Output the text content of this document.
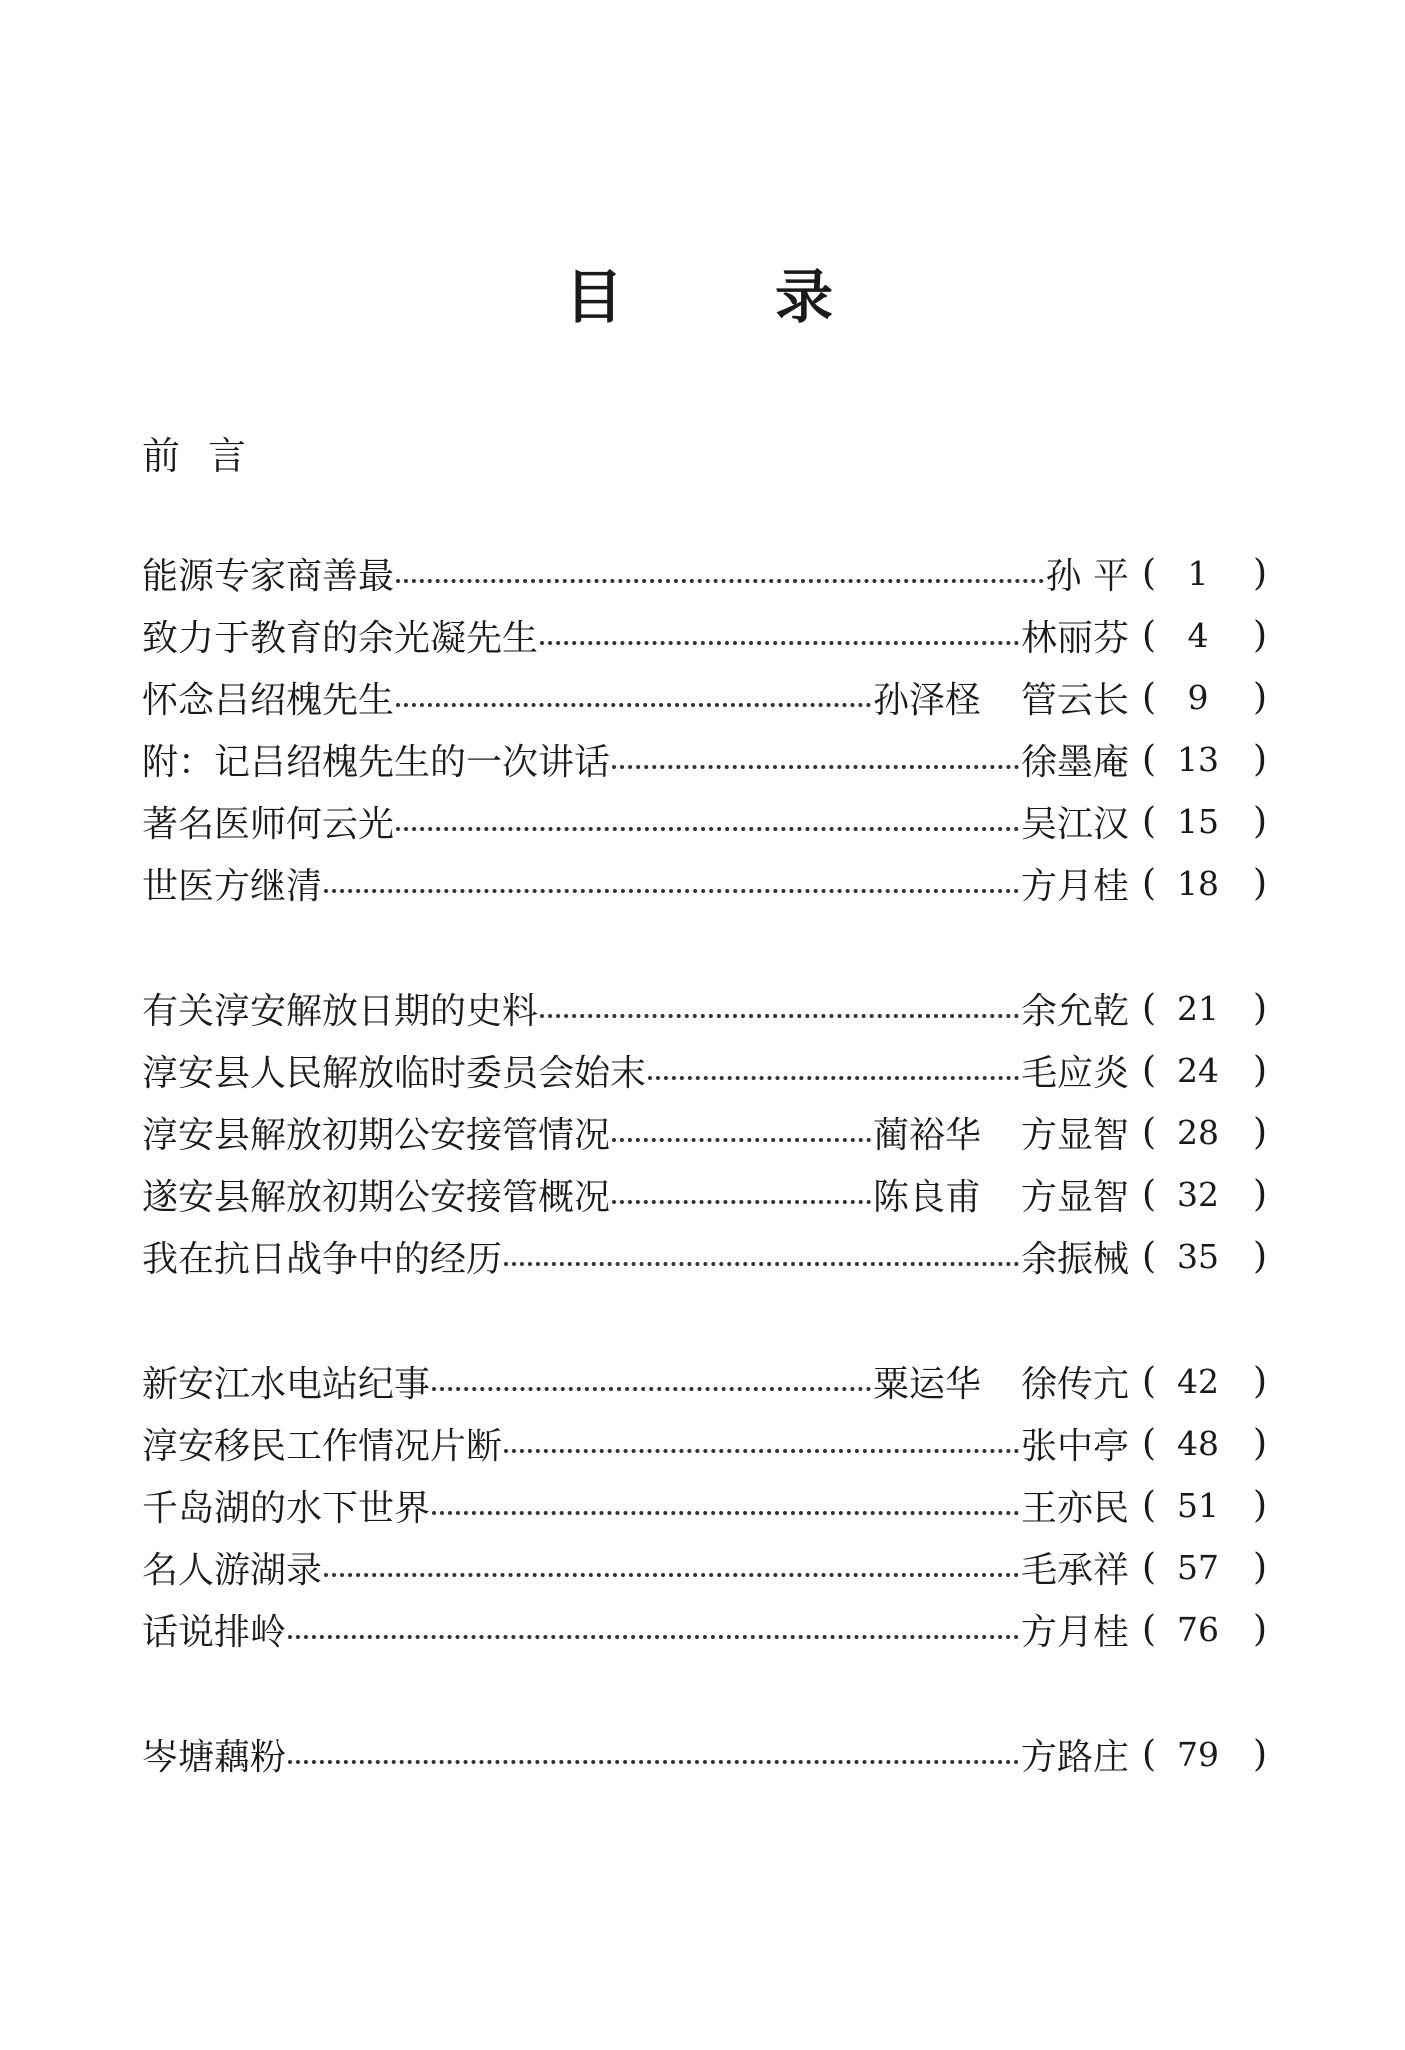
目	录
前言
能源专家商善最	孙 平 ( 1	)
致力于教育的余光凝先生	林丽芬 ( 4	)
怀念吕绍槐先生	孙泽柽 管云长 ( 9	)
附：记吕绍槐先生的一次讲话	徐墨庵 ( 13 )
著名医师何云光	吴江汉 ( 15 )
世医方继清	方月桂 ( 18 )
有关淳安解放日期的史料	余允乾 ( 21 )
淳安县人民解放临时委员会始末	毛应炎 ( 24 )
淳安县解放初期公安接管情况	蔺裕华 方显智 ( 28 )
遂安县解放初期公安接管概况	陈良甫 方显智 ( 32 )
我在抗日战争中的经历	余振械 ( 35 )
新安江水电站纪事	粟运华 徐传亢 ( 42 )
淳安移民工作情况片断	张中亭 ( 48 )
千岛湖的水下世界	王亦民 ( 51 )
名人游湖录	毛承祥 ( 57 )
话说排岭	方月桂 ( 76 )
岑塘藕粉	方路庄 ( 79 )
